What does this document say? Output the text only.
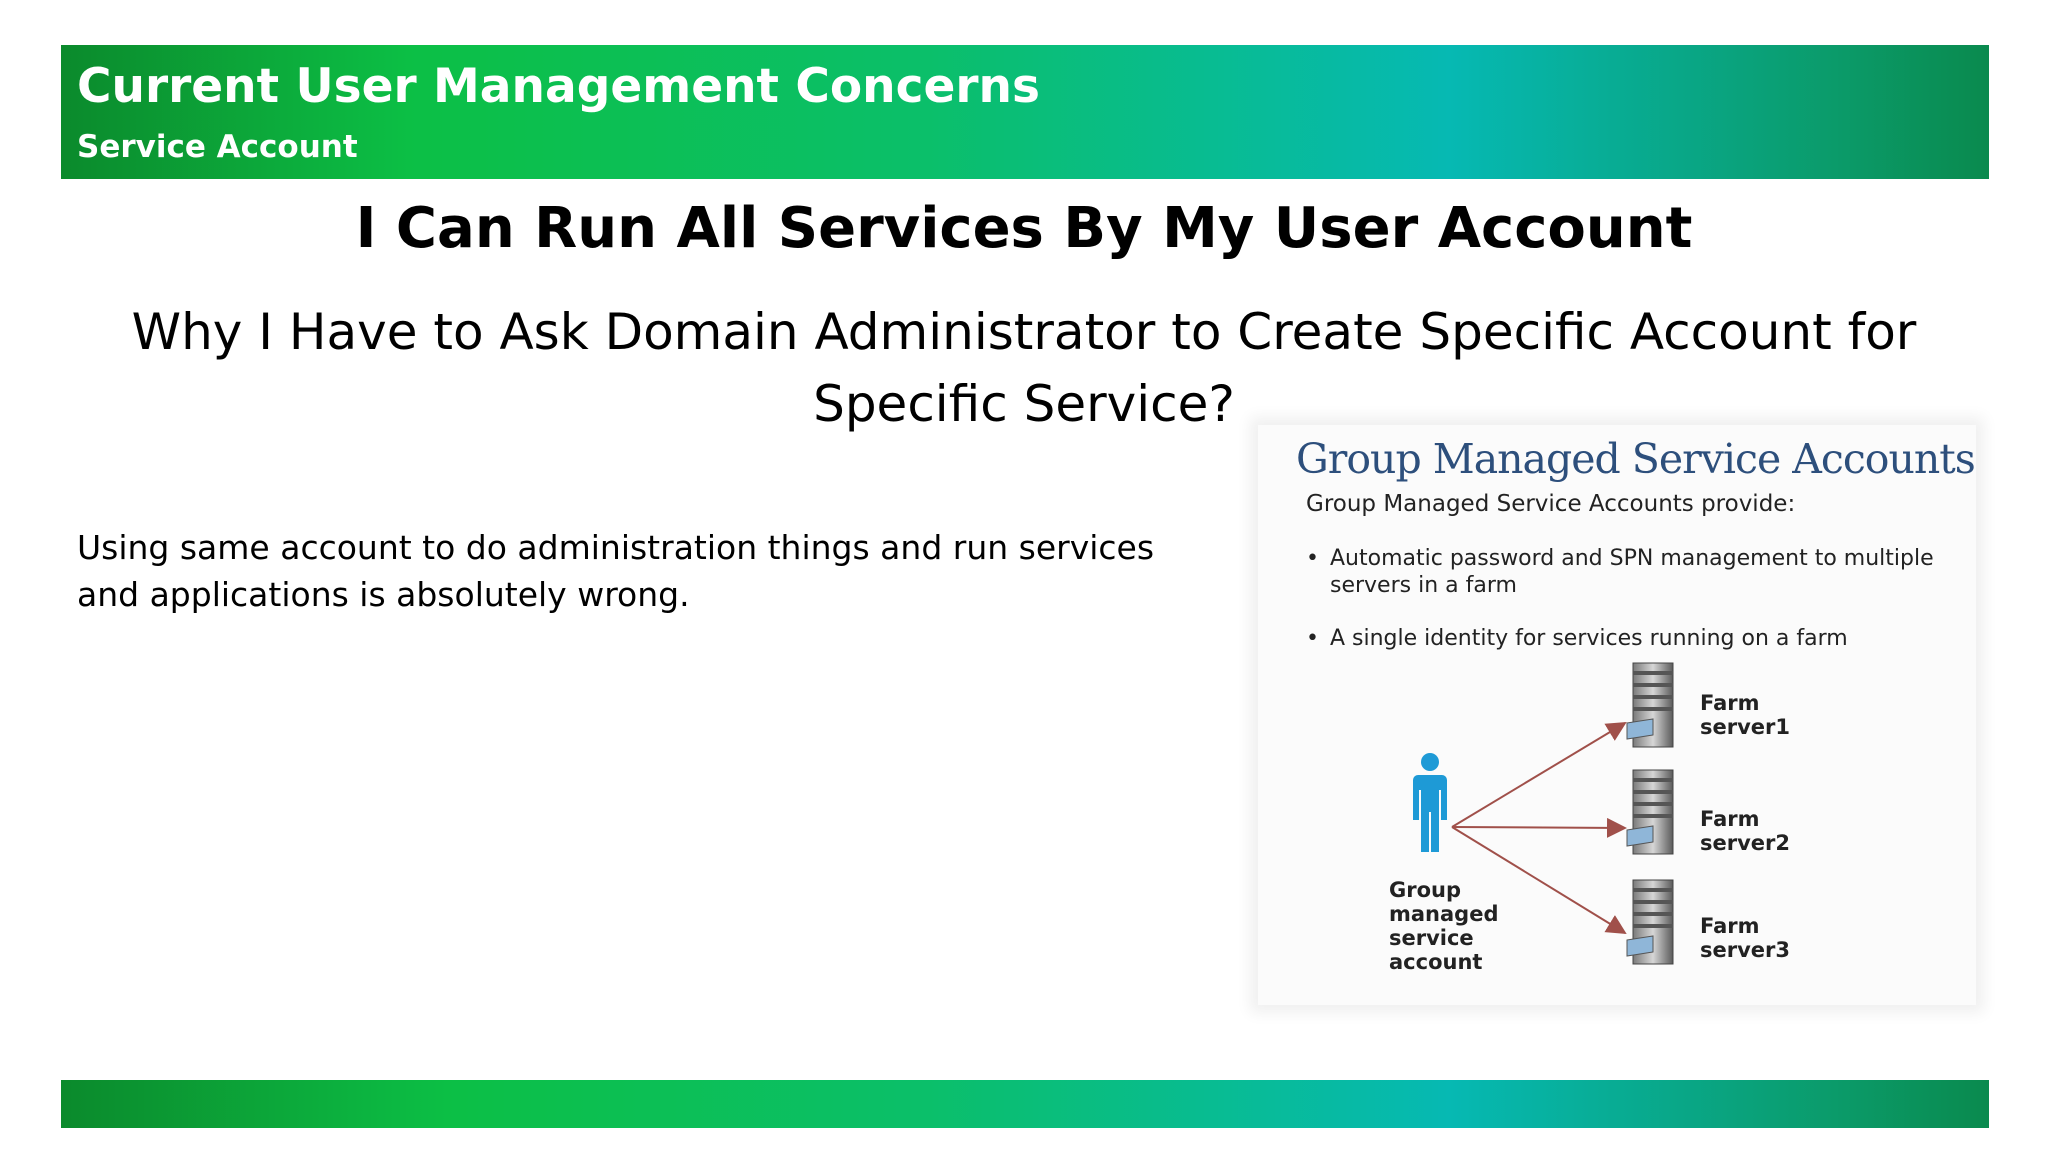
Current User Management Concerns
Service Account
I Can Run All Services By My User Account
Why I Have to Ask Domain Administrator to Create Specific Account for Specific Service?
Using same account to do administration things and run services and applications is absolutely wrong.
Group Managed Service Accounts
Group Managed Service Accounts provide:
• Automatic password and SPN management to multiple servers in a farm
• A single identity for services running on a farm
Farm
server1
Farm
server2
Farm
server3
Group
managed
service
account
